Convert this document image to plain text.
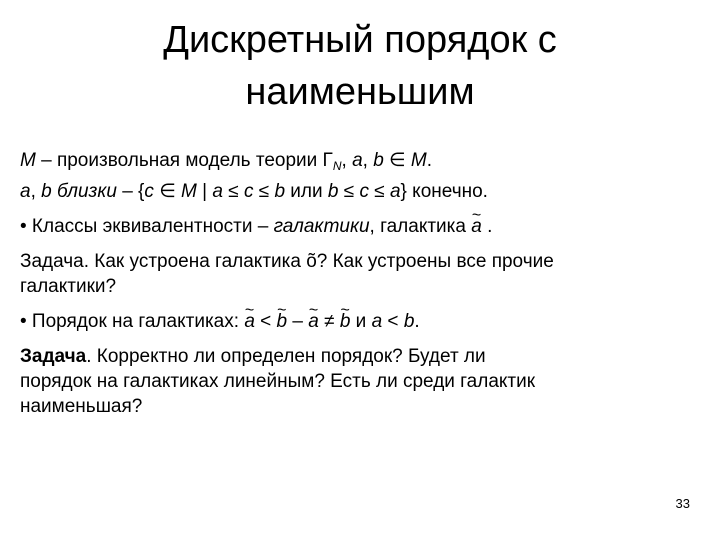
Дискретный порядок с
наименьшим
M – произвольная модель теории $Г_N$, a, b ∈ M.
a, b близки – {c ∈ M | a ≤ c ≤ b или b ≤ c ≤ a} конечно.
• Классы эквивалентности – галактики, галактика ~ a .
Задача. Как устроена галактика õ? Как устроены все прочие
галактики?
• Порядок на галактиках: ~ a < ~ b – ~ a ≠ ~ b и a < b.
Задача. Корректно ли определен порядок? Будет ли
порядок на галактиках линейным? Есть ли среди галактик
наименьшая?
33
